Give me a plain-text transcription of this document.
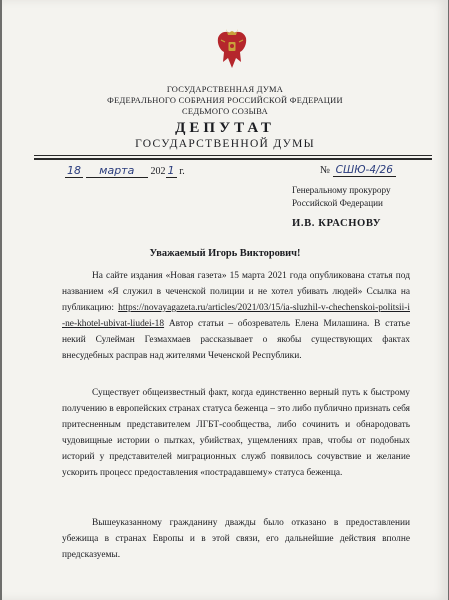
ГОСУДАРСТВЕННАЯ ДУМА
ФЕДЕРАЛЬНОГО СОБРАНИЯ РОССИЙСКОЙ ФЕДЕРАЦИИ
СЕДЬМОГО СОЗЫВА
ДЕПУТАТ
ГОСУДАРСТВЕННОЙ ДУМЫ
18 марта 202 1 г.	№ СШЮ-4/26
Генеральному прокурору
Российской Федерации
И.В. КРАСНОВУ
Уважаемый Игорь Викторович!
На сайте издания «Новая газета» 15 марта 2021 года опубликована статья под названием «Я служил в чеченской полиции и не хотел убивать людей» Ссылка на публикацию: https://novayagazeta.ru/articles/2021/03/15/ia-sluzhil-v-chechenskoi-politsii-i-ne-khotel-ubivat-liudei-18 Автор статьи – обозреватель Елена Милашина. В статье некий Сулейман Гезмахмаев рассказывает о якобы существующих фактах внесудебных расправ над жителями Чеченской Республики.
Существует общеизвестный факт, когда единственно верный путь к быстрому получению в европейских странах статуса беженца – это либо публично признать себя притесненным представителем ЛГБТ-сообщества, либо сочинить и обнародовать чудовищные истории о пытках, убийствах, ущемлениях прав, чтобы от подобных историй у представителей миграционных служб появилось сочувствие и желание ускорить процесс предоставления «пострадавшему» статуса беженца.
Вышеуказанному гражданину дважды было отказано в предоставлении убежища в странах Европы и в этой связи, его дальнейшие действия вполне предсказуемы.
